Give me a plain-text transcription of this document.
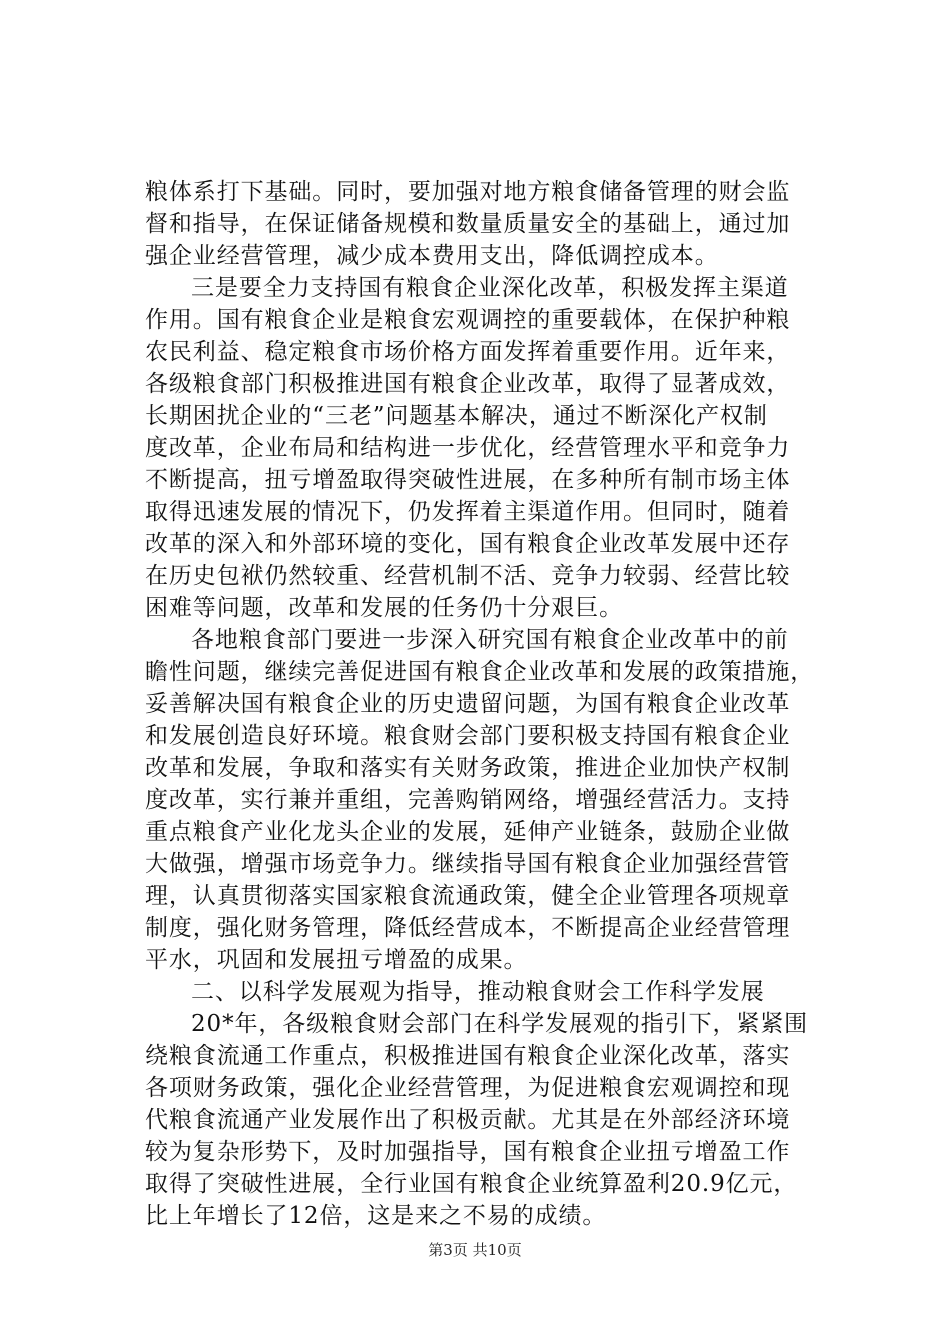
粮体系打下基础。同时，要加强对地方粮食储备管理的财会监
督和指导，在保证储备规模和数量质量安全的基础上，通过加
强企业经营管理，减少成本费用支出，降低调控成本。
三是要全力支持国有粮食企业深化改革，积极发挥主渠道
作用。国有粮食企业是粮食宏观调控的重要载体，在保护种粮
农民利益、稳定粮食市场价格方面发挥着重要作用。近年来，
各级粮食部门积极推进国有粮食企业改革，取得了显著成效，
长期困扰企业的“三老”问题基本解决，通过不断深化产权制
度改革，企业布局和结构进一步优化，经营管理水平和竞争力
不断提高，扭亏增盈取得突破性进展，在多种所有制市场主体
取得迅速发展的情况下，仍发挥着主渠道作用。但同时，随着
改革的深入和外部环境的变化，国有粮食企业改革发展中还存
在历史包袱仍然较重、经营机制不活、竞争力较弱、经营比较
困难等问题，改革和发展的任务仍十分艰巨。
各地粮食部门要进一步深入研究国有粮食企业改革中的前
瞻性问题，继续完善促进国有粮食企业改革和发展的政策措施，
妥善解决国有粮食企业的历史遗留问题，为国有粮食企业改革
和发展创造良好环境。粮食财会部门要积极支持国有粮食企业
改革和发展，争取和落实有关财务政策，推进企业加快产权制
度改革，实行兼并重组，完善购销网络，增强经营活力。支持
重点粮食产业化龙头企业的发展，延伸产业链条，鼓励企业做
大做强，增强市场竞争力。继续指导国有粮食企业加强经营管
理，认真贯彻落实国家粮食流通政策，健全企业管理各项规章
制度，强化财务管理，降低经营成本，不断提高企业经营管理
平水，巩固和发展扭亏增盈的成果。
二、以科学发展观为指导，推动粮食财会工作科学发展
20*年，各级粮食财会部门在科学发展观的指引下，紧紧围
绕粮食流通工作重点，积极推进国有粮食企业深化改革，落实
各项财务政策，强化企业经营管理，为促进粮食宏观调控和现
代粮食流通产业发展作出了积极贡献。尤其是在外部经济环境
较为复杂形势下，及时加强指导，国有粮食企业扭亏增盈工作
取得了突破性进展，全行业国有粮食企业统算盈利20.9亿元，
比上年增长了12倍，这是来之不易的成绩。
第3页 共10页
